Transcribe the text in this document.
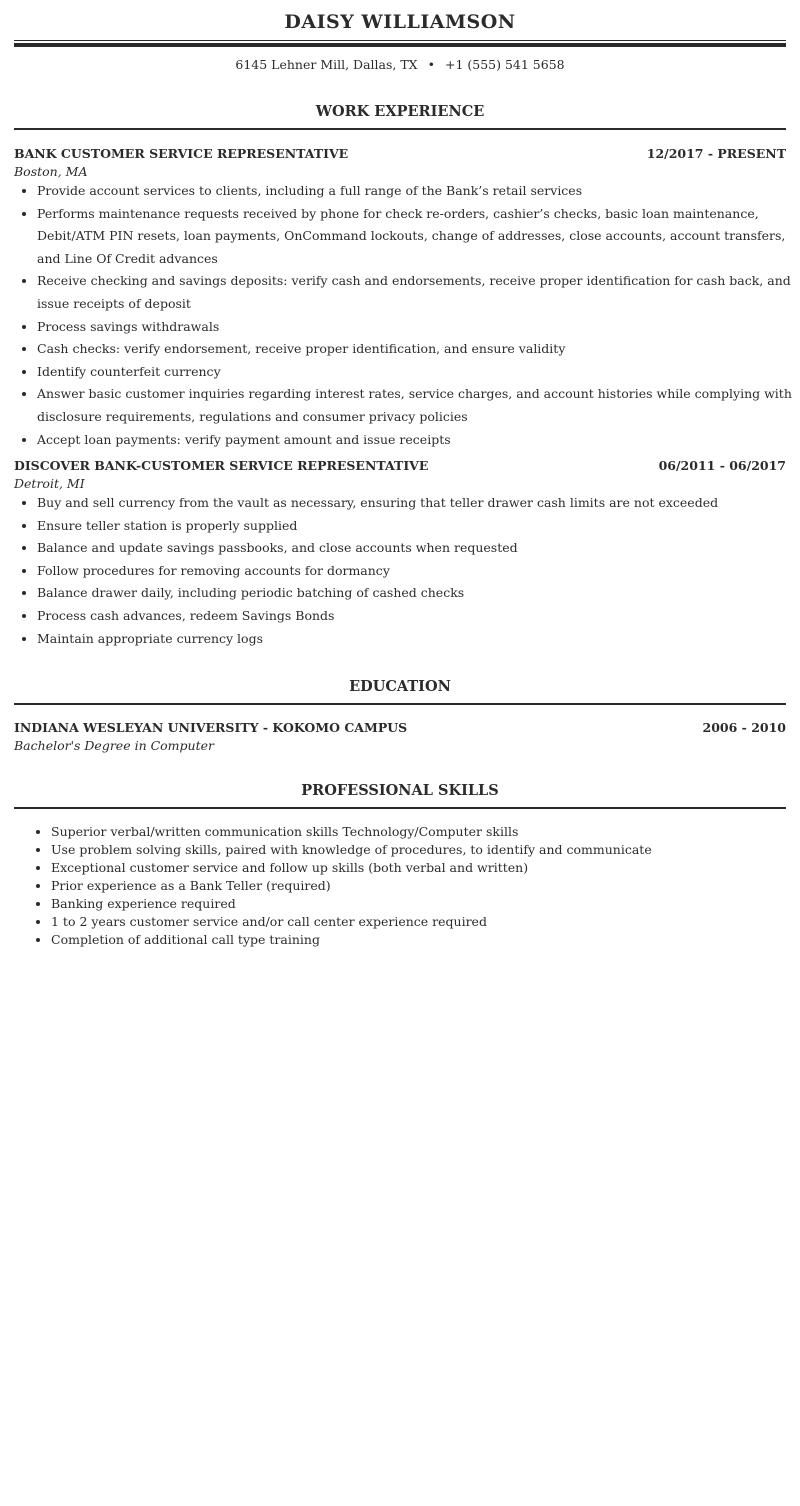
DAISY WILLIAMSON
6145 Lehner Mill, Dallas, TX • +1 (555) 541 5658
WORK EXPERIENCE
BANK CUSTOMER SERVICE REPRESENTATIVE	12/2017 - PRESENT
Boston, MA
• Provide account services to clients, including a full range of the Bank’s retail services
• Performs maintenance requests received by phone for check re-orders, cashier’s checks, basic loan maintenance, Debit/ATM PIN resets, loan payments, OnCommand lockouts, change of addresses, close accounts, account transfers, and Line Of Credit advances
• Receive checking and savings deposits: verify cash and endorsements, receive proper identification for cash back, and issue receipts of deposit
• Process savings withdrawals
• Cash checks: verify endorsement, receive proper identification, and ensure validity
• Identify counterfeit currency
• Answer basic customer inquiries regarding interest rates, service charges, and account histories while complying with disclosure requirements, regulations and consumer privacy policies
• Accept loan payments: verify payment amount and issue receipts
DISCOVER BANK-CUSTOMER SERVICE REPRESENTATIVE	06/2011 - 06/2017
Detroit, MI
• Buy and sell currency from the vault as necessary, ensuring that teller drawer cash limits are not exceeded
• Ensure teller station is properly supplied
• Balance and update savings passbooks, and close accounts when requested
• Follow procedures for removing accounts for dormancy
• Balance drawer daily, including periodic batching of cashed checks
• Process cash advances, redeem Savings Bonds
• Maintain appropriate currency logs
EDUCATION
INDIANA WESLEYAN UNIVERSITY - KOKOMO CAMPUS	2006 - 2010
Bachelor's Degree in Computer
PROFESSIONAL SKILLS
• Superior verbal/written communication skills Technology/Computer skills
• Use problem solving skills, paired with knowledge of procedures, to identify and communicate
• Exceptional customer service and follow up skills (both verbal and written)
• Prior experience as a Bank Teller (required)
• Banking experience required
• 1 to 2 years customer service and/or call center experience required
• Completion of additional call type training
